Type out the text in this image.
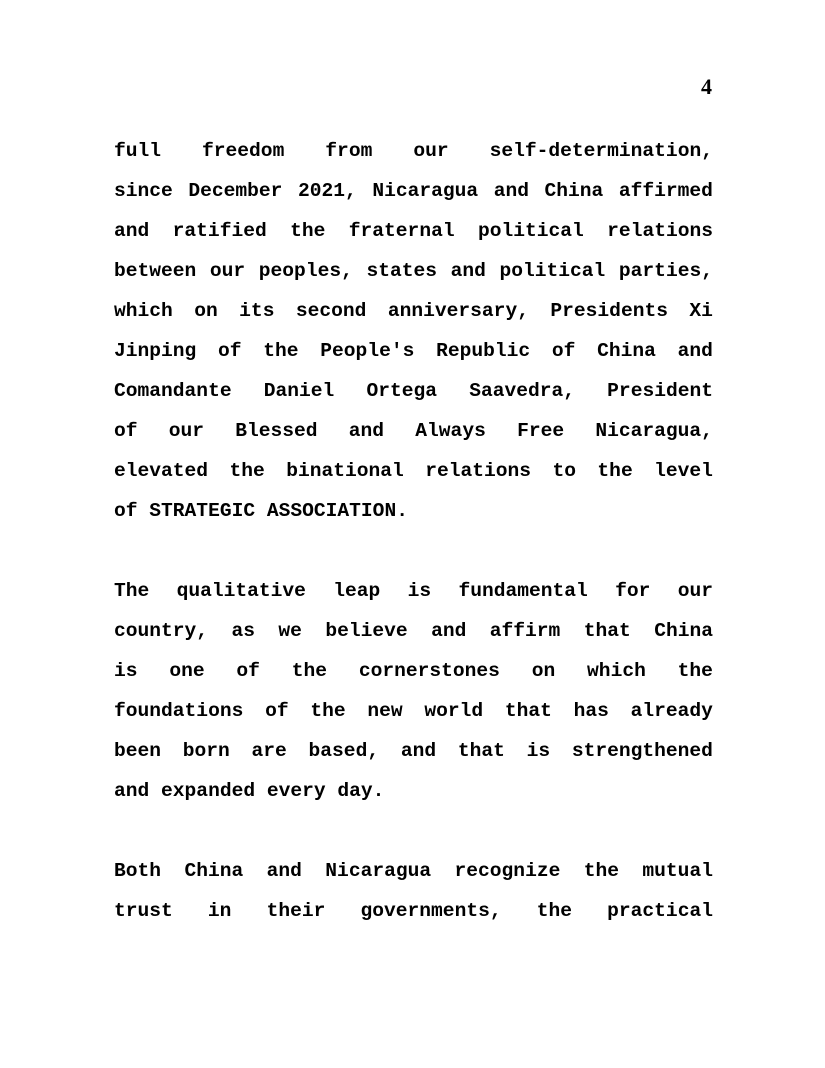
4

full freedom from our self-determination,
since December 2021, Nicaragua and China affirmed
and ratified the fraternal political relations
between our peoples, states and political parties,
which on its second anniversary, Presidents Xi
Jinping of the People's Republic of China and
Comandante Daniel Ortega Saavedra, President
of our Blessed and Always Free Nicaragua,
elevated the binational relations to the level
of STRATEGIC ASSOCIATION.

The qualitative leap is fundamental for our
country, as we believe and affirm that China
is one of the cornerstones on which the
foundations of the new world that has already
been born are based, and that is strengthened
and expanded every day.

Both China and Nicaragua recognize the mutual
trust in their governments, the practical
